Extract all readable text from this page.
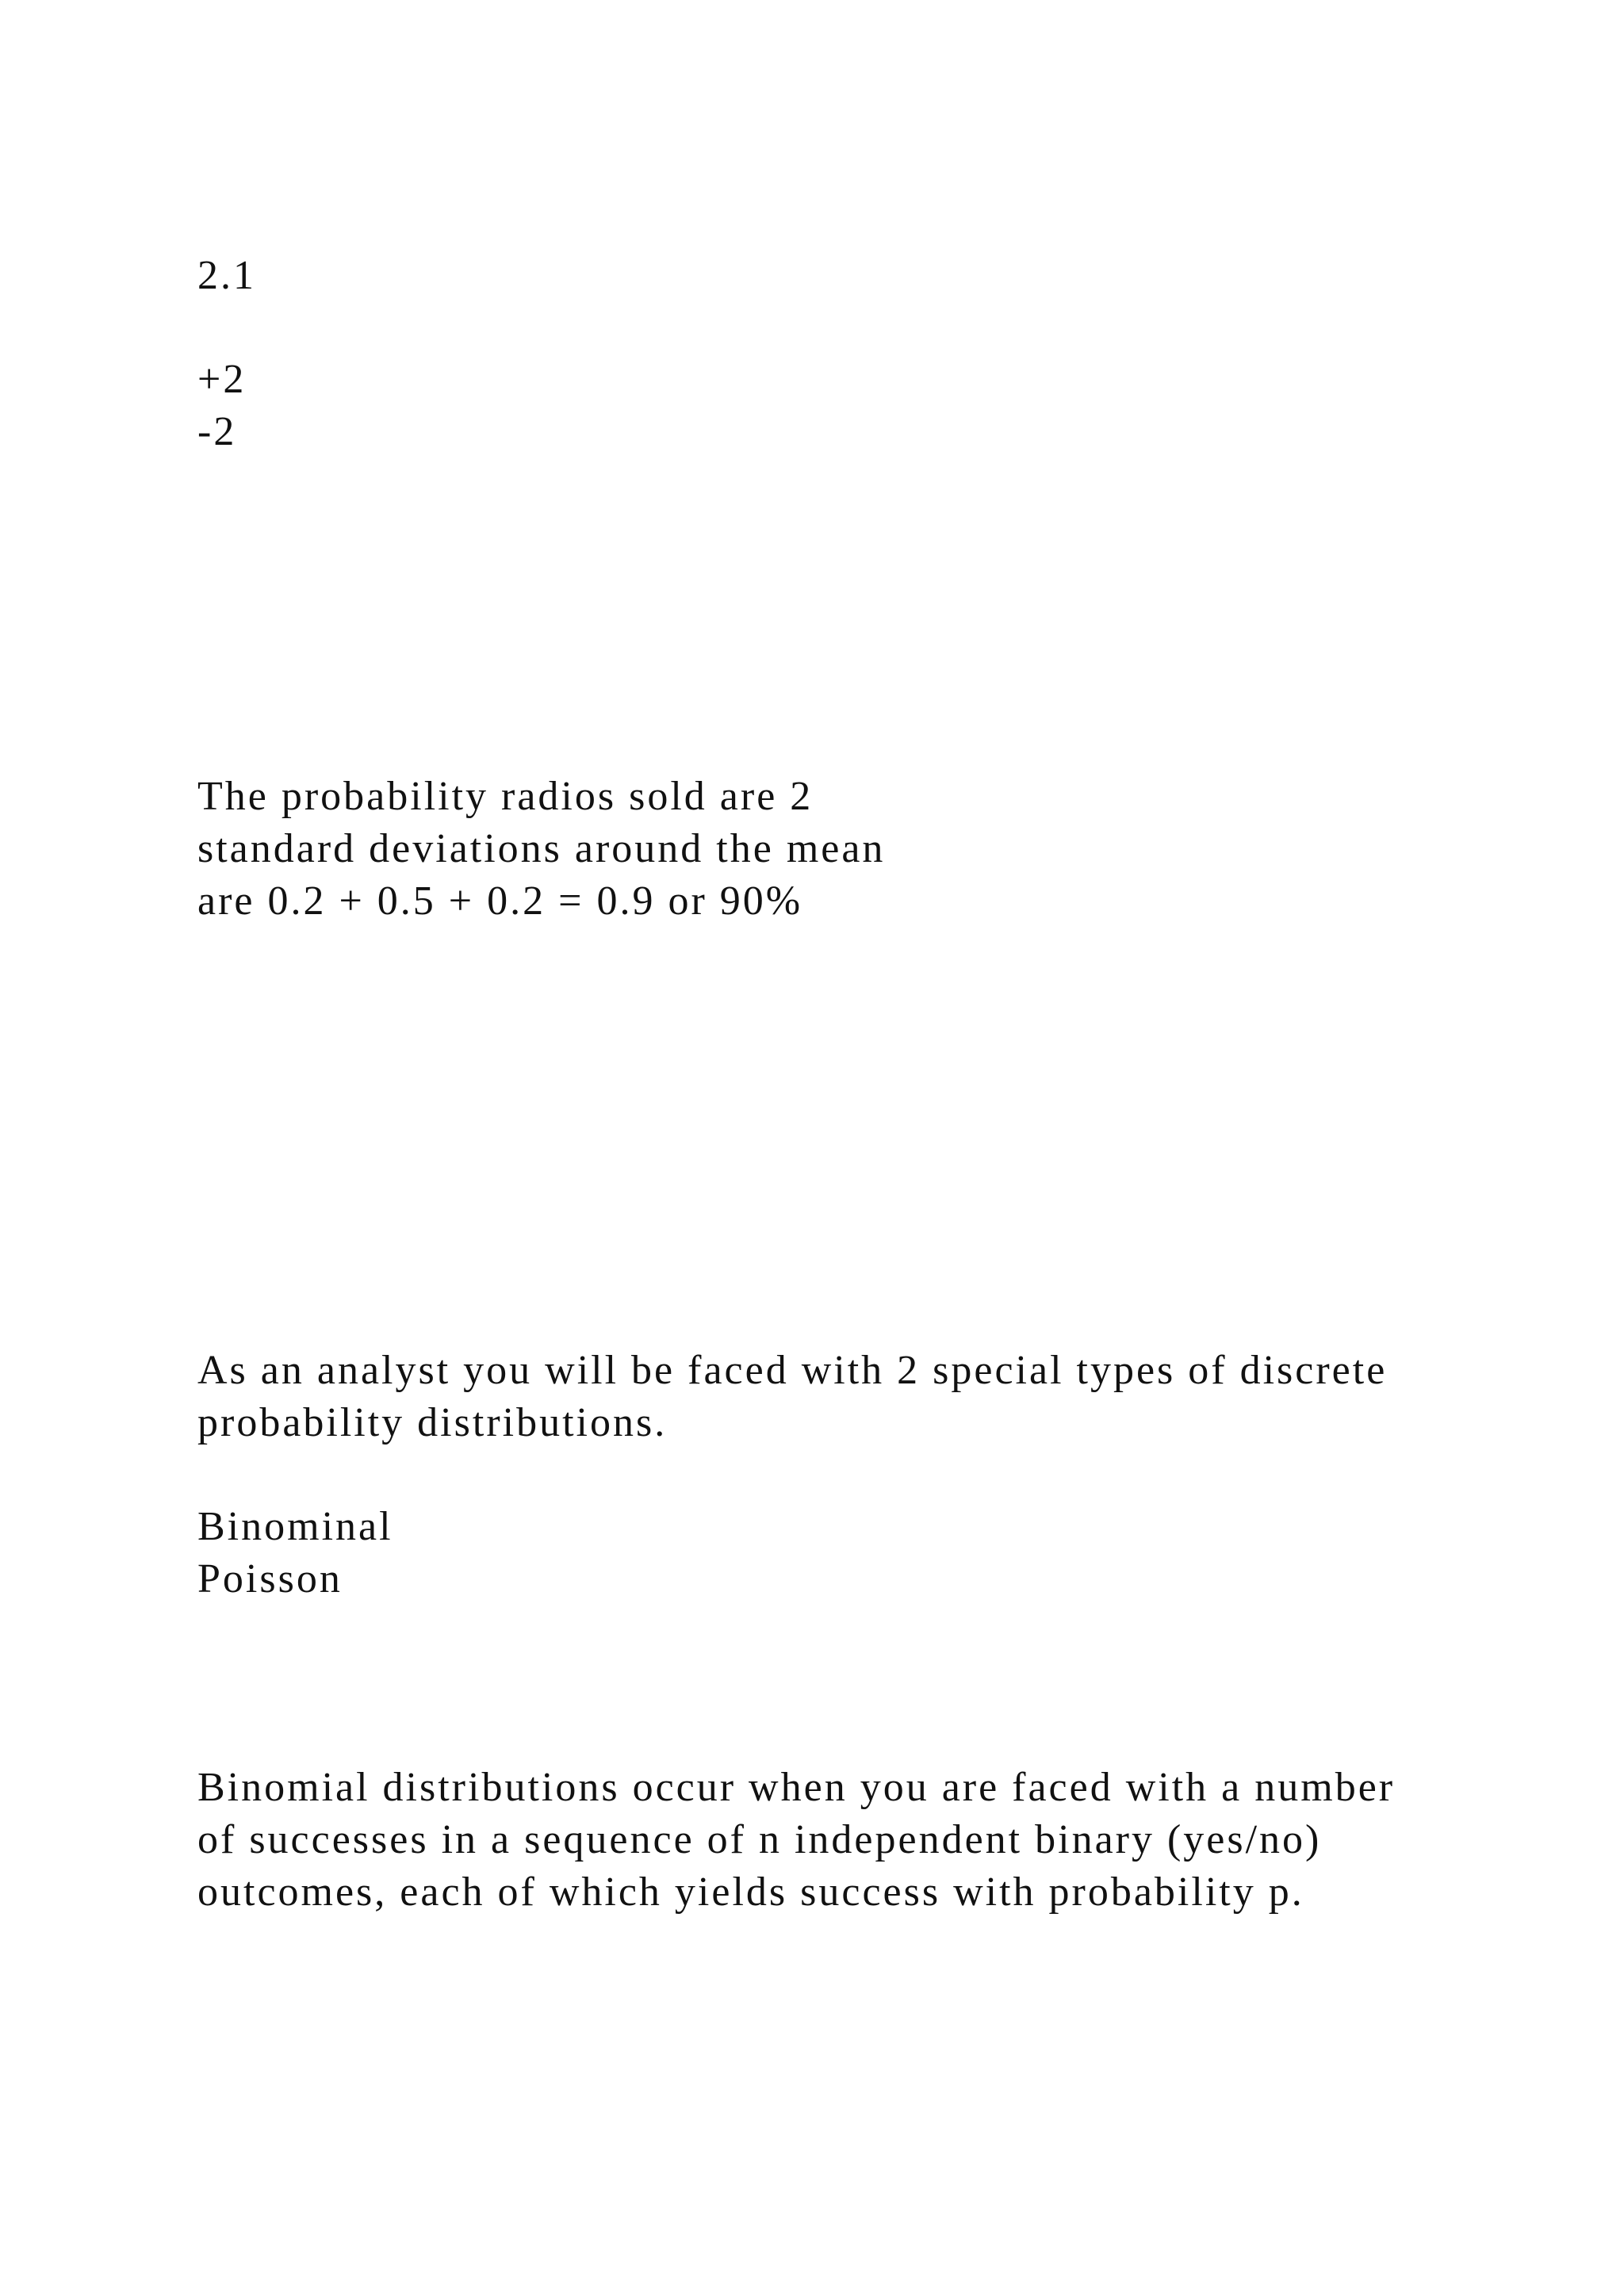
2.1

+2

-2

The probability radios sold are 2

standard deviations around the mean

are 0.2 + 0.5 + 0.2 = 0.9 or 90%

As an analyst you will be faced with 2 special types of discrete

probability distributions.

Binominal

Poisson

Binomial distributions occur when you are faced with a number

of successes in a sequence of n independent binary (yes/no)

outcomes, each of which yields success with probability p.
